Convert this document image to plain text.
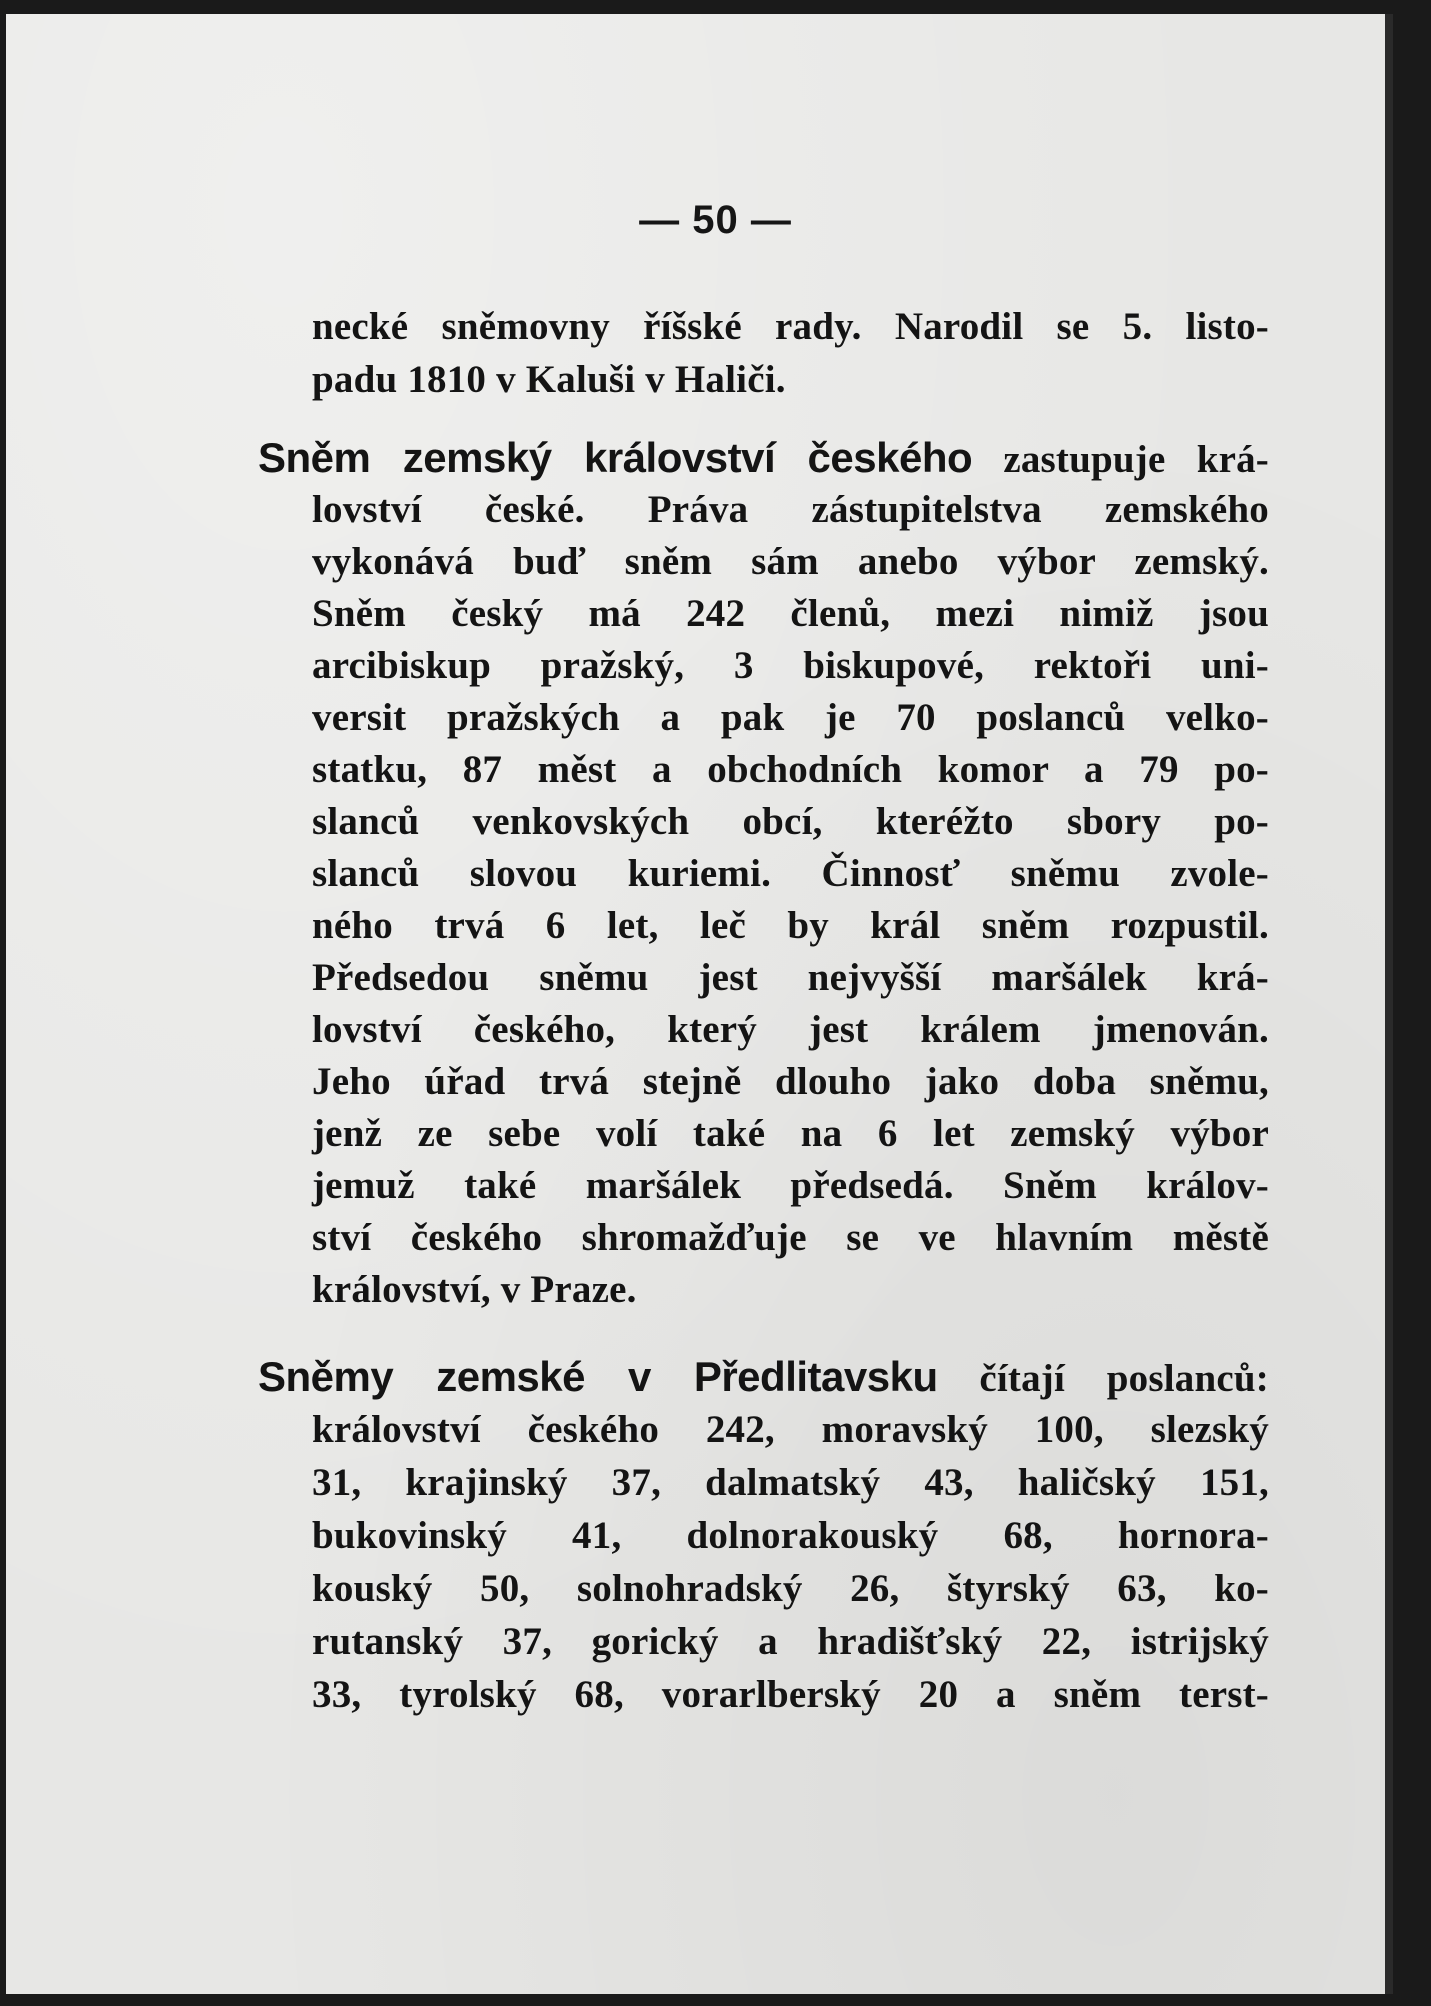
— 50 —
necké sněmovny říšské rady. Narodil se 5. listo-
padu 1810 v Kaluši v Haliči.
Sněm zemský království českého zastupuje krá-
lovství české. Práva zástupitelstva zemského
vykonává buď sněm sám anebo výbor zemský.
Sněm český má 242 členů, mezi nimiž jsou
arcibiskup pražský, 3 biskupové, rektoři uni-
versit pražských a pak je 70 poslanců velko-
statku, 87 měst a obchodních komor a 79 po-
slanců venkovských obcí, kteréžto sbory po-
slanců slovou kuriemi. Činnosť sněmu zvole-
ného trvá 6 let, leč by král sněm rozpustil.
Předsedou sněmu jest nejvyšší maršálek krá-
lovství českého, který jest králem jmenován.
Jeho úřad trvá stejně dlouho jako doba sněmu,
jenž ze sebe volí také na 6 let zemský výbor
jemuž také maršálek předsedá. Sněm králov-
ství českého shromažďuje se ve hlavním městě
království, v Praze.
Sněmy zemské v Předlitavsku čítají poslanců:
království českého 242, moravský 100, slezský
31, krajinský 37, dalmatský 43, haličský 151,
bukovinský 41, dolnorakouský 68, hornora-
kouský 50, solnohradský 26, štyrský 63, ko-
rutanský 37, gorický a hradišťský 22, istrijský
33, tyrolský 68, vorarlberský 20 a sněm terst-
